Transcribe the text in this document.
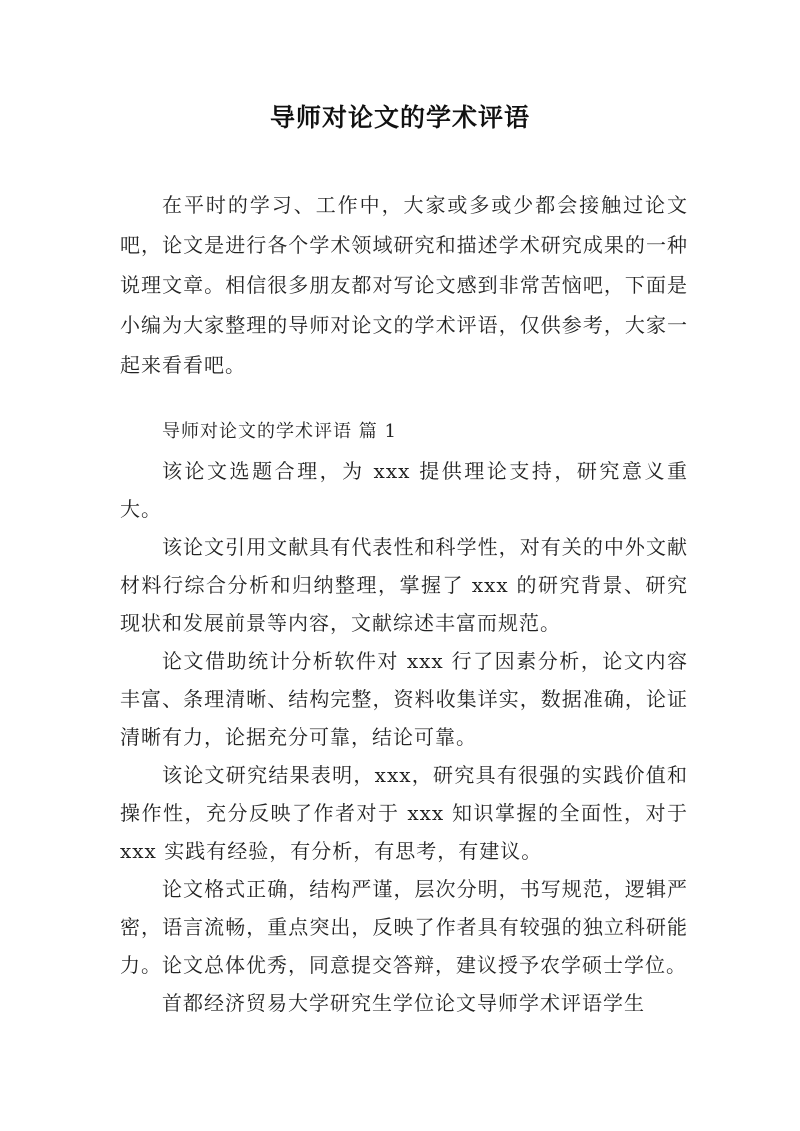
导师对论文的学术评语

在平时的学习、工作中，大家或多或少都会接触过论文吧，论文是进行各个学术领域研究和描述学术研究成果的一种说理文章。相信很多朋友都对写论文感到非常苦恼吧，下面是小编为大家整理的导师对论文的学术评语，仅供参考，大家一起来看看吧。

导师对论文的学术评语 篇 1

该论文选题合理，为 xxx 提供理论支持，研究意义重大。

该论文引用文献具有代表性和科学性，对有关的中外文献材料行综合分析和归纳整理，掌握了 xxx 的研究背景、研究现状和发展前景等内容，文献综述丰富而规范。

论文借助统计分析软件对 xxx 行了因素分析，论文内容丰富、条理清晰、结构完整，资料收集详实，数据准确，论证清晰有力，论据充分可靠，结论可靠。

该论文研究结果表明，xxx，研究具有很强的实践价值和操作性，充分反映了作者对于 xxx 知识掌握的全面性，对于 xxx 实践有经验，有分析，有思考，有建议。

论文格式正确，结构严谨，层次分明，书写规范，逻辑严密，语言流畅，重点突出，反映了作者具有较强的独立科研能力。论文总体优秀，同意提交答辩，建议授予农学硕士学位。

首都经济贸易大学研究生学位论文导师学术评语学生
